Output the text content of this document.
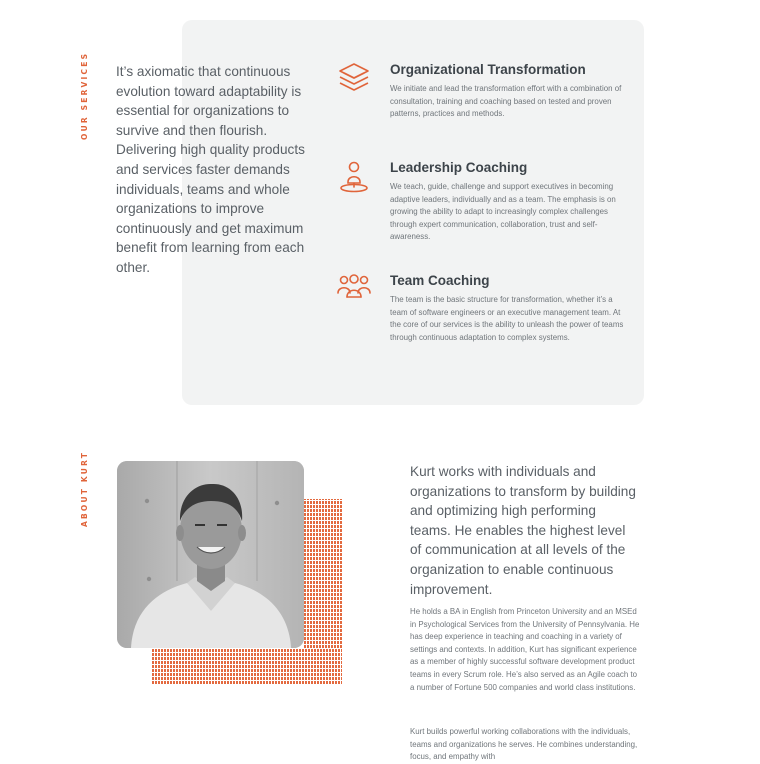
OUR SERVICES It’s axiomatic that continuous evolution toward adaptability is essential for organizations to survive and then flourish. Delivering high quality products and services faster demands individuals, teams and whole organizations to improve continuously and get maximum benefit from learning from each other.
Organizational Transformation

We initiate and lead the transformation effort with a combination of consultation, training and coaching based on tested and proven patterns, practices and methods.

Leadership Coaching

We teach, guide, challenge and support executives in becoming adaptive leaders, individually and as a team. The emphasis is on growing the ability to adapt to increasingly complex challenges through expert communication, collaboration, trust and self-awareness.

Team Coaching

The team is the basic structure for transformation, whether it’s a team of software engineers or an executive management team. At the core of our services is the ability to unleash the power of teams through continuous adaptation to complex systems.

ABOUT KURT	Kurt works with individuals and organizations to transform by building and optimizing high performing teams. He enables the highest level of communication at all levels of the organization to enable continuous improvement.

He holds a BA in English from Princeton University and an MSEd in Psychological Services from the University of Pennsylvania. He has deep experience in teaching and coaching in a variety of settings and contexts. In addition, Kurt has significant experience as a member of highly successful software development product teams in every Scrum role. He’s also served as an Agile coach to a number of Fortune 500 companies and world class institutions.

Kurt builds powerful working collaborations with the individuals, teams and organizations he serves. He combines understanding, focus, and empathy with
